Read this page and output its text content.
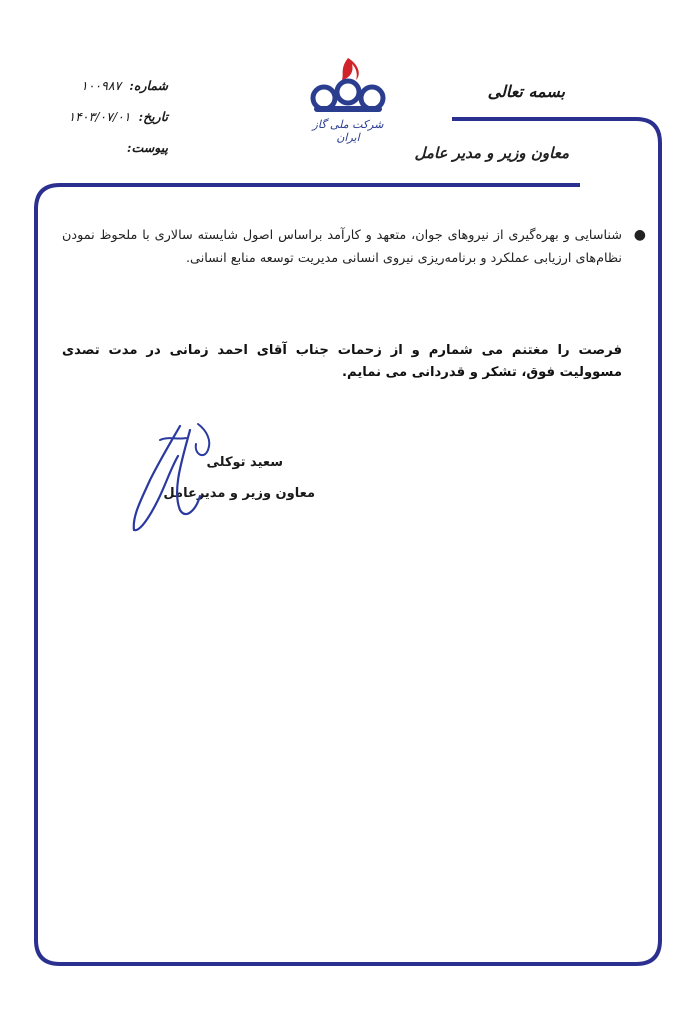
شماره:
۱۰۰۹۸۷
تاریخ:
۱۴۰۳/۰۷/۰۱
پیوست:
شرکت ملی گاز ایران
بسمه تعالی
معاون وزیر و مدیر عامل
●
شناسایی و بهره‌گیری از نیروهای جوان، متعهد و کارآمد براساس اصول شایسته سالاری با ملحوظ نمودن نظام‌های ارزیابی عملکرد و برنامه‌ریزی نیروی انسانی مدیریت توسعه منابع انسانی.
فرصت را مغتنم می شمارم و از زحمات جناب آقای احمد زمانی در مدت تصدی مسوولیت فوق، تشکر و قدردانی می نمایم.
سعید توکلی
معاون وزیر و مدیرعامل
